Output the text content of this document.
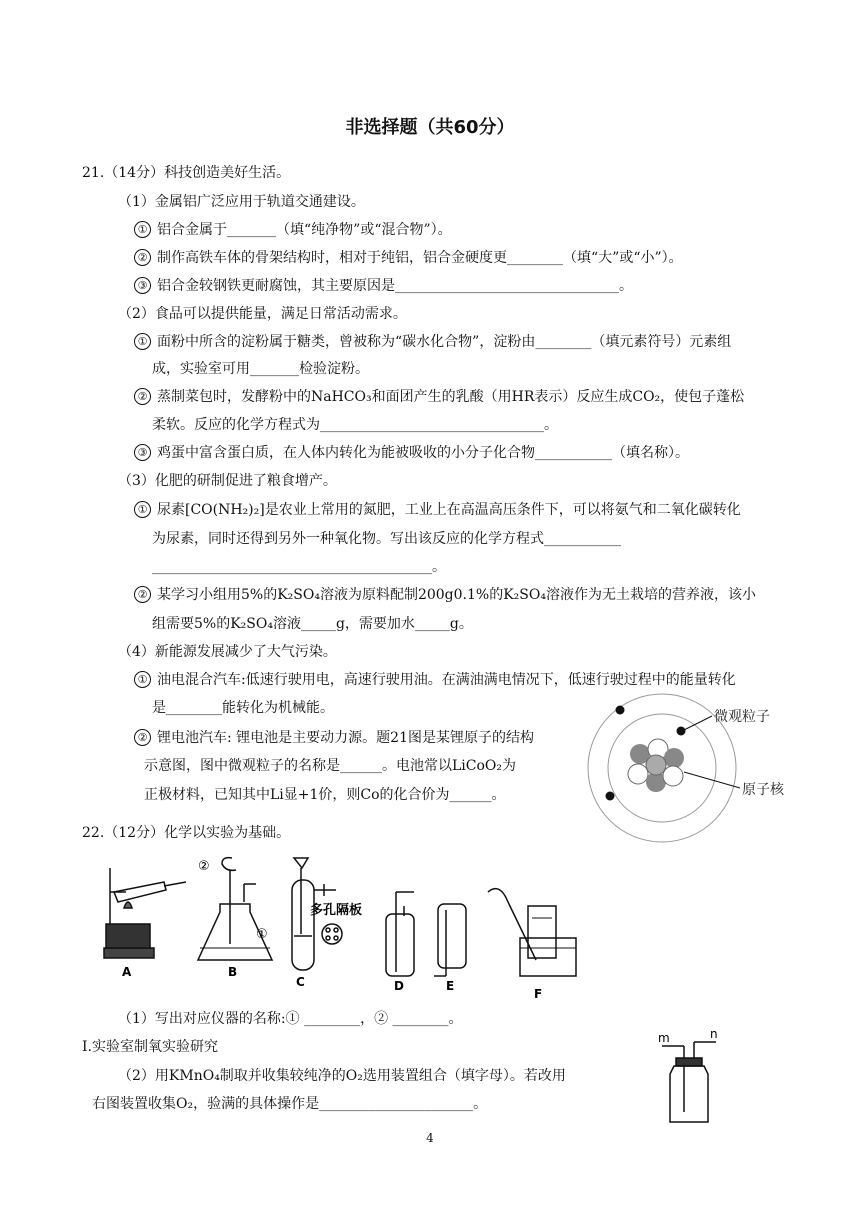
非选择题（共60分）
21.（14分）科技创造美好生活。
（1）金属铝广泛应用于轨道交通建设。
① 铝合金属于_______（填“纯净物”或“混合物”）。
② 制作高铁车体的骨架结构时，相对于纯铝，铝合金硬度更________（填“大”或“小”）。
③ 铝合金较钢铁更耐腐蚀，其主要原因是________________________________。
（2）食品可以提供能量，满足日常活动需求。
① 面粉中所含的淀粉属于糖类，曾被称为“碳水化合物”，淀粉由________（填元素符号）元素组
成，实验室可用_______检验淀粉。
② 蒸制菜包时，发酵粉中的NaHCO₃和面团产生的乳酸（用HR表示）反应生成CO₂，使包子蓬松
柔软。反应的化学方程式为________________________________。
③ 鸡蛋中富含蛋白质，在人体内转化为能被吸收的小分子化合物___________（填名称）。
（3）化肥的研制促进了粮食增产。
① 尿素[CO(NH₂)₂]是农业上常用的氮肥，工业上在高温高压条件下，可以将氨气和二氧化碳转化
为尿素，同时还得到另外一种氧化物。写出该反应的化学方程式___________
________________________________________。
② 某学习小组用5%的K₂SO₄溶液为原料配制200g0.1%的K₂SO₄溶液作为无土栽培的营养液，该小
组需要5%的K₂SO₄溶液_____g，需要加水_____g。
（4）新能源发展减少了大气污染。
① 油电混合汽车:低速行驶用电，高速行驶用油。在满油满电情况下，低速行驶过程中的能量转化
是________能转化为机械能。
② 锂电池汽车: 锂电池是主要动力源。题21图是某锂原子的结构
示意图，图中微观粒子的名称是______。电池常以LiCoO₂为
正极材料，已知其中Li显+1价，则Co的化合价为______。
微观粒子
原子核
22.（12分）化学以实验为基础。
A
②
①
B
多孔隔板
C	D	E
F
（1）写出对应仪器的名称:① ________，② ________。
I.实验室制氧实验研究
（2）用KMnO₄制取并收集较纯净的O₂选用装置组合（填字母）。若改用
右图装置收集O₂，验满的具体操作是______________________。
m	n
4
